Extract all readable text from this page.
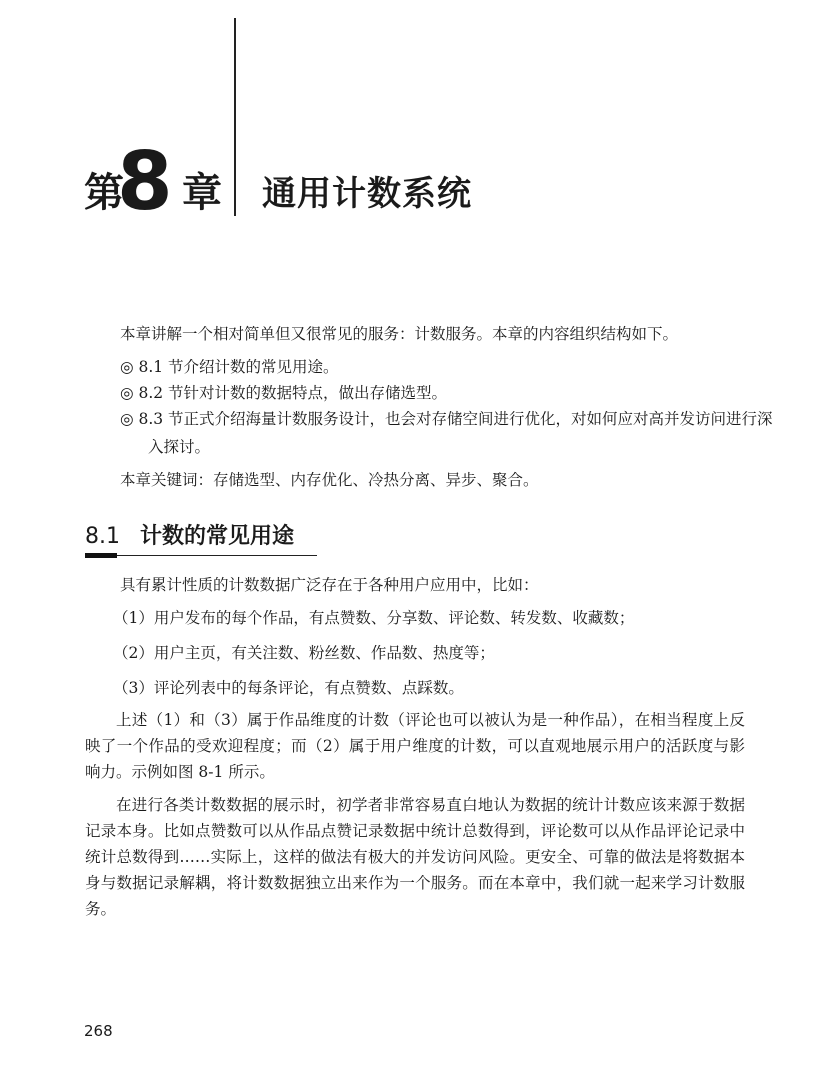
第
8 章 通用计数系统
本章讲解一个相对简单但又很常见的服务：计数服务。本章的内容组织结构如下。
◎ 8.1 节介绍计数的常见用途。
◎ 8.2 节针对计数的数据特点，做出存储选型。
◎ 8.3 节正式介绍海量计数服务设计，也会对存储空间进行优化，对如何应对高并发访问进行深入探讨。
本章关键词：存储选型、内存优化、冷热分离、异步、聚合。
8.1 计数的常见用途
具有累计性质的计数数据广泛存在于各种用户应用中，比如：
（1）用户发布的每个作品，有点赞数、分享数、评论数、转发数、收藏数；
（2）用户主页，有关注数、粉丝数、作品数、热度等；
（3）评论列表中的每条评论，有点赞数、点踩数。
上述（1）和（3）属于作品维度的计数（评论也可以被认为是一种作品），在相当程度上反映了一个作品的受欢迎程度；而（2）属于用户维度的计数，可以直观地展示用户的活跃度与影响力。示例如图 8-1 所示。
在进行各类计数数据的展示时，初学者非常容易直白地认为数据的统计计数应该来源于数据记录本身。比如点赞数可以从作品点赞记录数据中统计总数得到，评论数可以从作品评论记录中统计总数得到……实际上，这样的做法有极大的并发访问风险。更安全、可靠的做法是将数据本身与数据记录解耦，将计数数据独立出来作为一个服务。而在本章中，我们就一起来学习计数服务。
268
